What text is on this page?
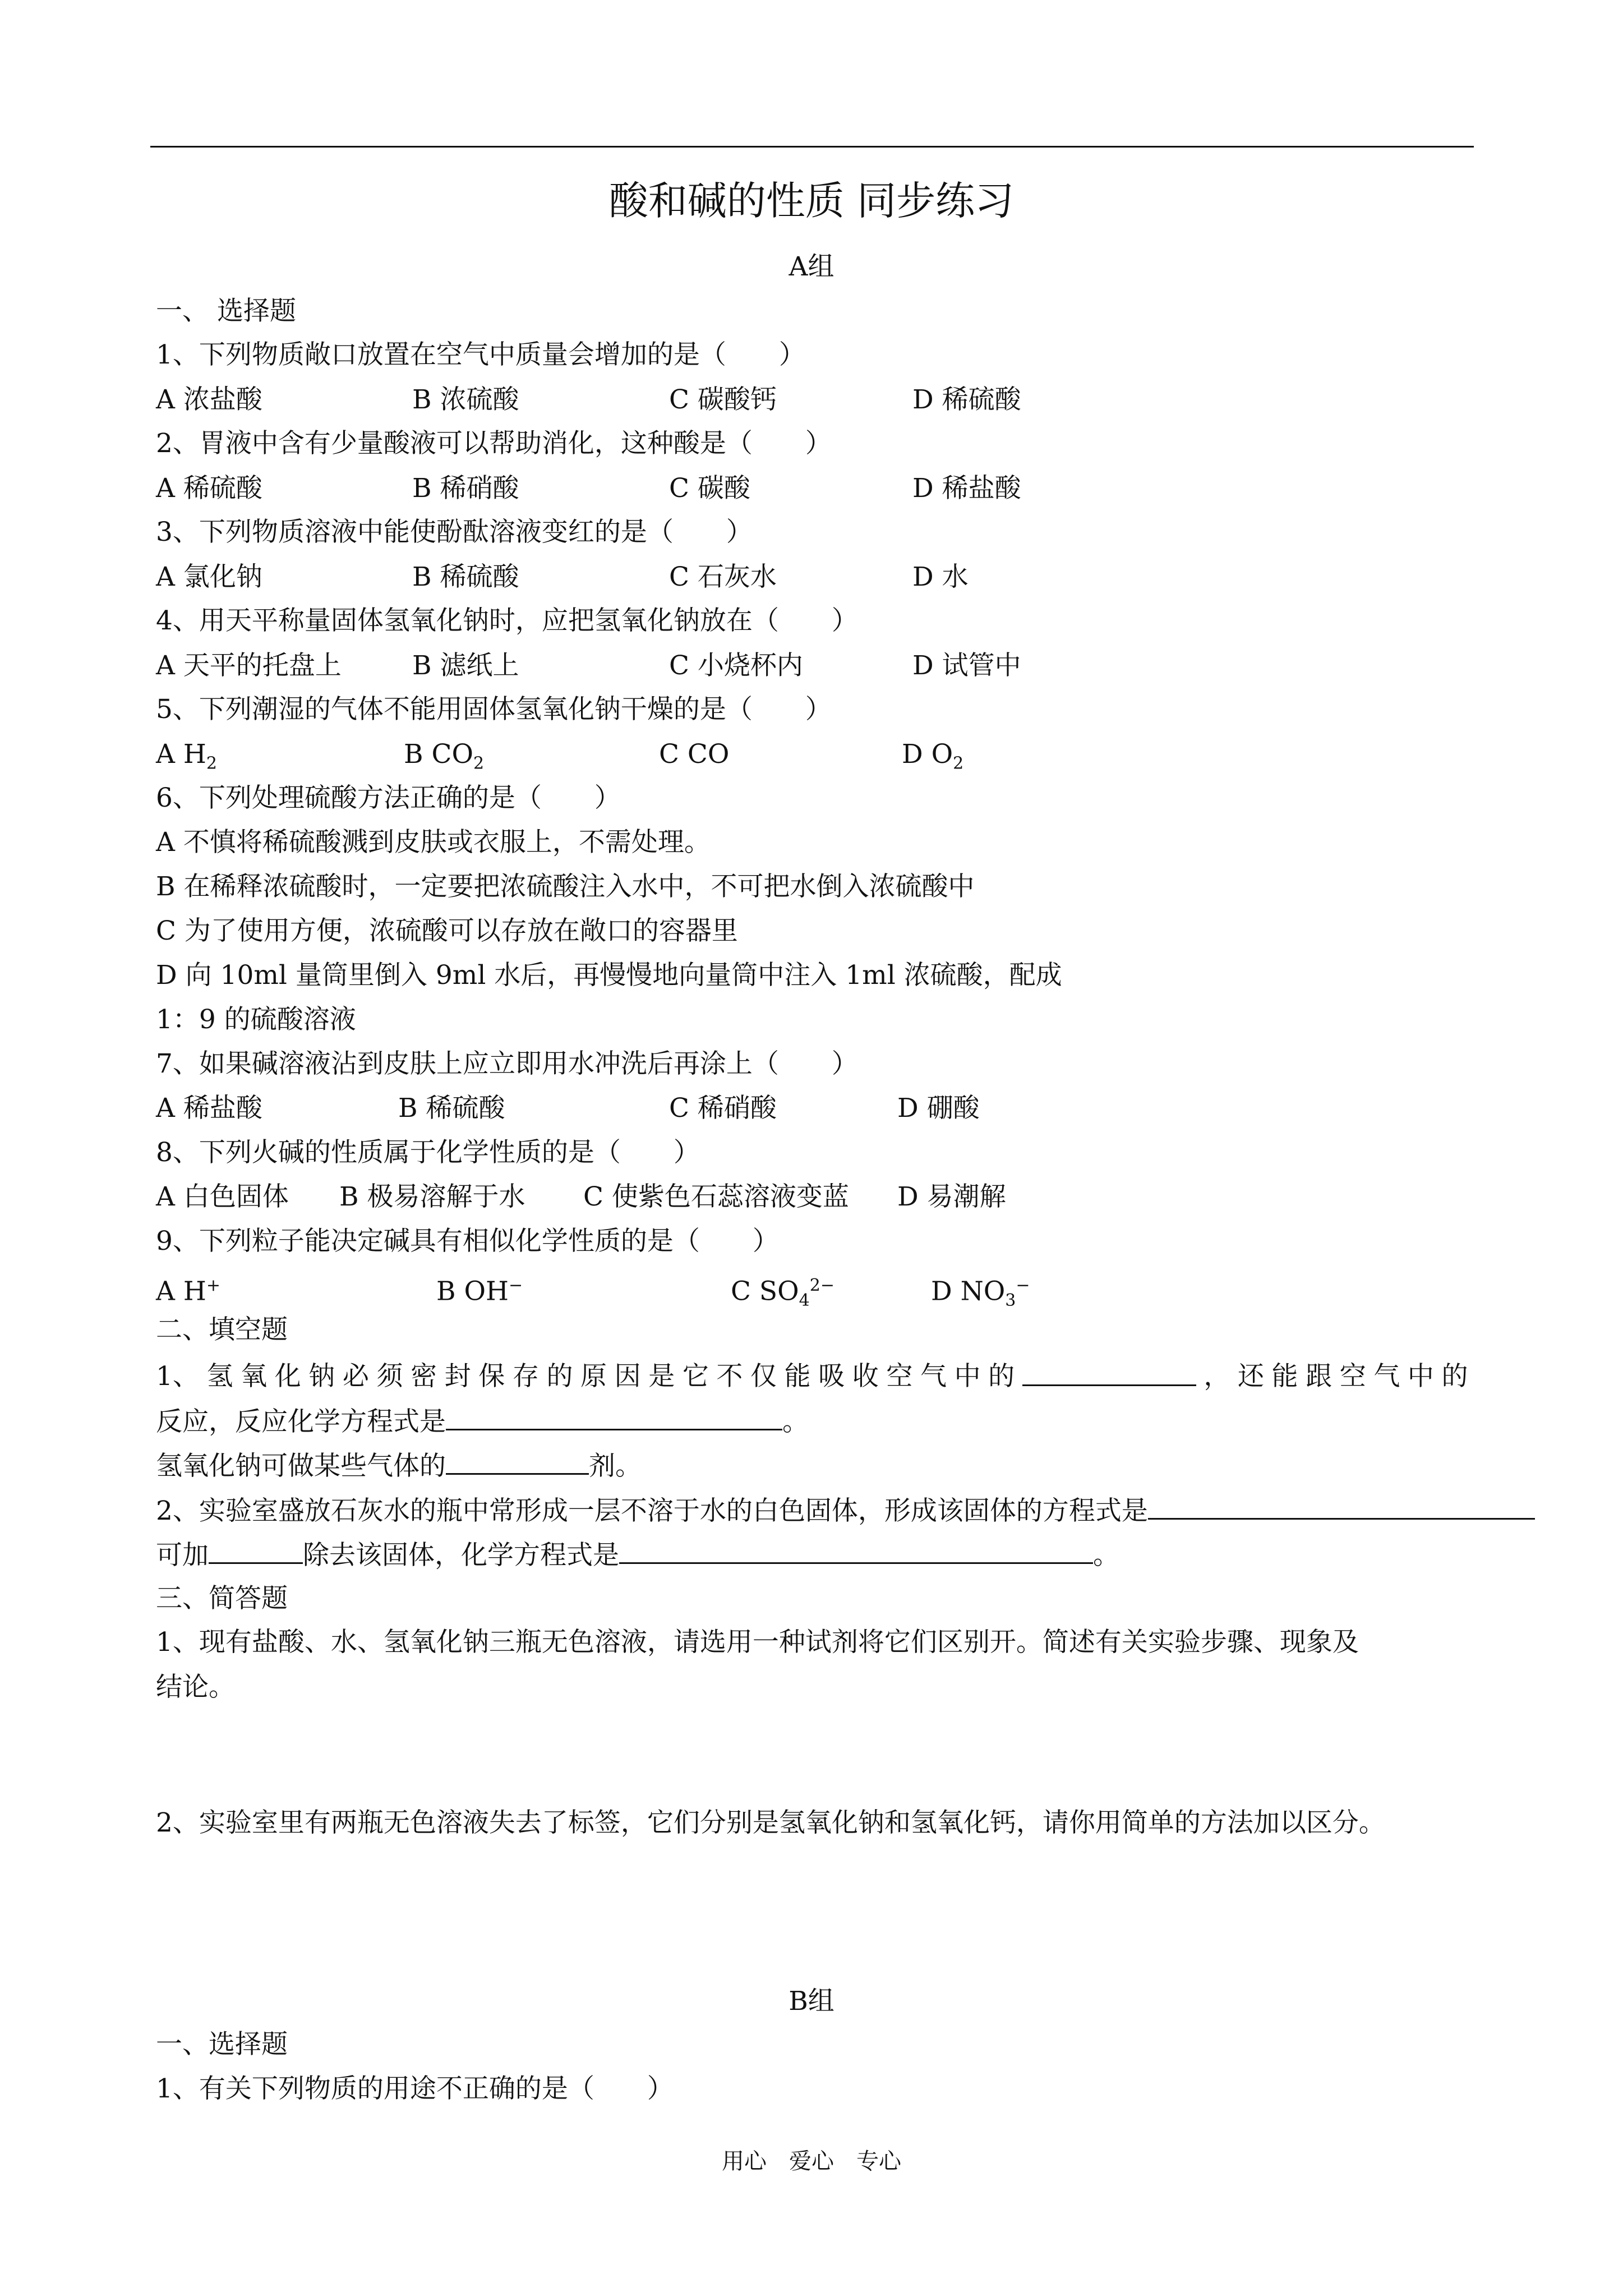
酸和碱的性质 同步练习
A组
一、 选择题
1、下列物质敞口放置在空气中质量会增加的是（　　）
A 浓盐酸	B 浓硫酸	C 碳酸钙	D 稀硫酸
2、胃液中含有少量酸液可以帮助消化，这种酸是（　　）
A 稀硫酸	B 稀硝酸	C 碳酸	D 稀盐酸
3、下列物质溶液中能使酚酞溶液变红的是（　　）
A 氯化钠	B 稀硫酸	C 石灰水	D 水
4、用天平称量固体氢氧化钠时，应把氢氧化钠放在（　　）
A 天平的托盘上	B 滤纸上	C 小烧杯内	D 试管中
5、下列潮湿的气体不能用固体氢氧化钠干燥的是（　　）
A $H_2$	B $CO_2$	C CO	D $O_2$
6、下列处理硫酸方法正确的是（　　）
A 不慎将稀硫酸溅到皮肤或衣服上，不需处理。
B 在稀释浓硫酸时，一定要把浓硫酸注入水中，不可把水倒入浓硫酸中
C 为了使用方便，浓硫酸可以存放在敞口的容器里
D 向 10ml 量筒里倒入 9ml 水后，再慢慢地向量筒中注入 1ml 浓硫酸，配成
1：9 的硫酸溶液
7、如果碱溶液沾到皮肤上应立即用水冲洗后再涂上（　　）
A 稀盐酸	B 稀硫酸	C 稀硝酸	D 硼酸
8、下列火碱的性质属于化学性质的是（　　）
A 白色固体 B 极易溶解于水 C 使紫色石蕊溶液变蓝 D 易潮解
9、下列粒子能决定碱具有相似化学性质的是（　　）
A H+	B OH−	C $SO_4^{2-}$	D $NO_3^-$
二、填空题
1、 氢 氧 化 钠 必 须 密 封 保 存 的 原 因 是 它 不 仅 能 吸 收 空 气 中 的	， 还 能 跟 空 气 中 的
反应，反应化学方程式是	。
氢氧化钠可做某些气体的	剂。
2、实验室盛放石灰水的瓶中常形成一层不溶于水的白色固体，形成该固体的方程式是
可加	除去该固体，化学方程式是	。
三、简答题
1、现有盐酸、水、氢氧化钠三瓶无色溶液，请选用一种试剂将它们区别开。简述有关实验步骤、现象及
结论。
2、实验室里有两瓶无色溶液失去了标签，它们分别是氢氧化钠和氢氧化钙，请你用简单的方法加以区分。
B组
一、选择题
1、有关下列物质的用途不正确的是（　　）
用心　爱心　专心
